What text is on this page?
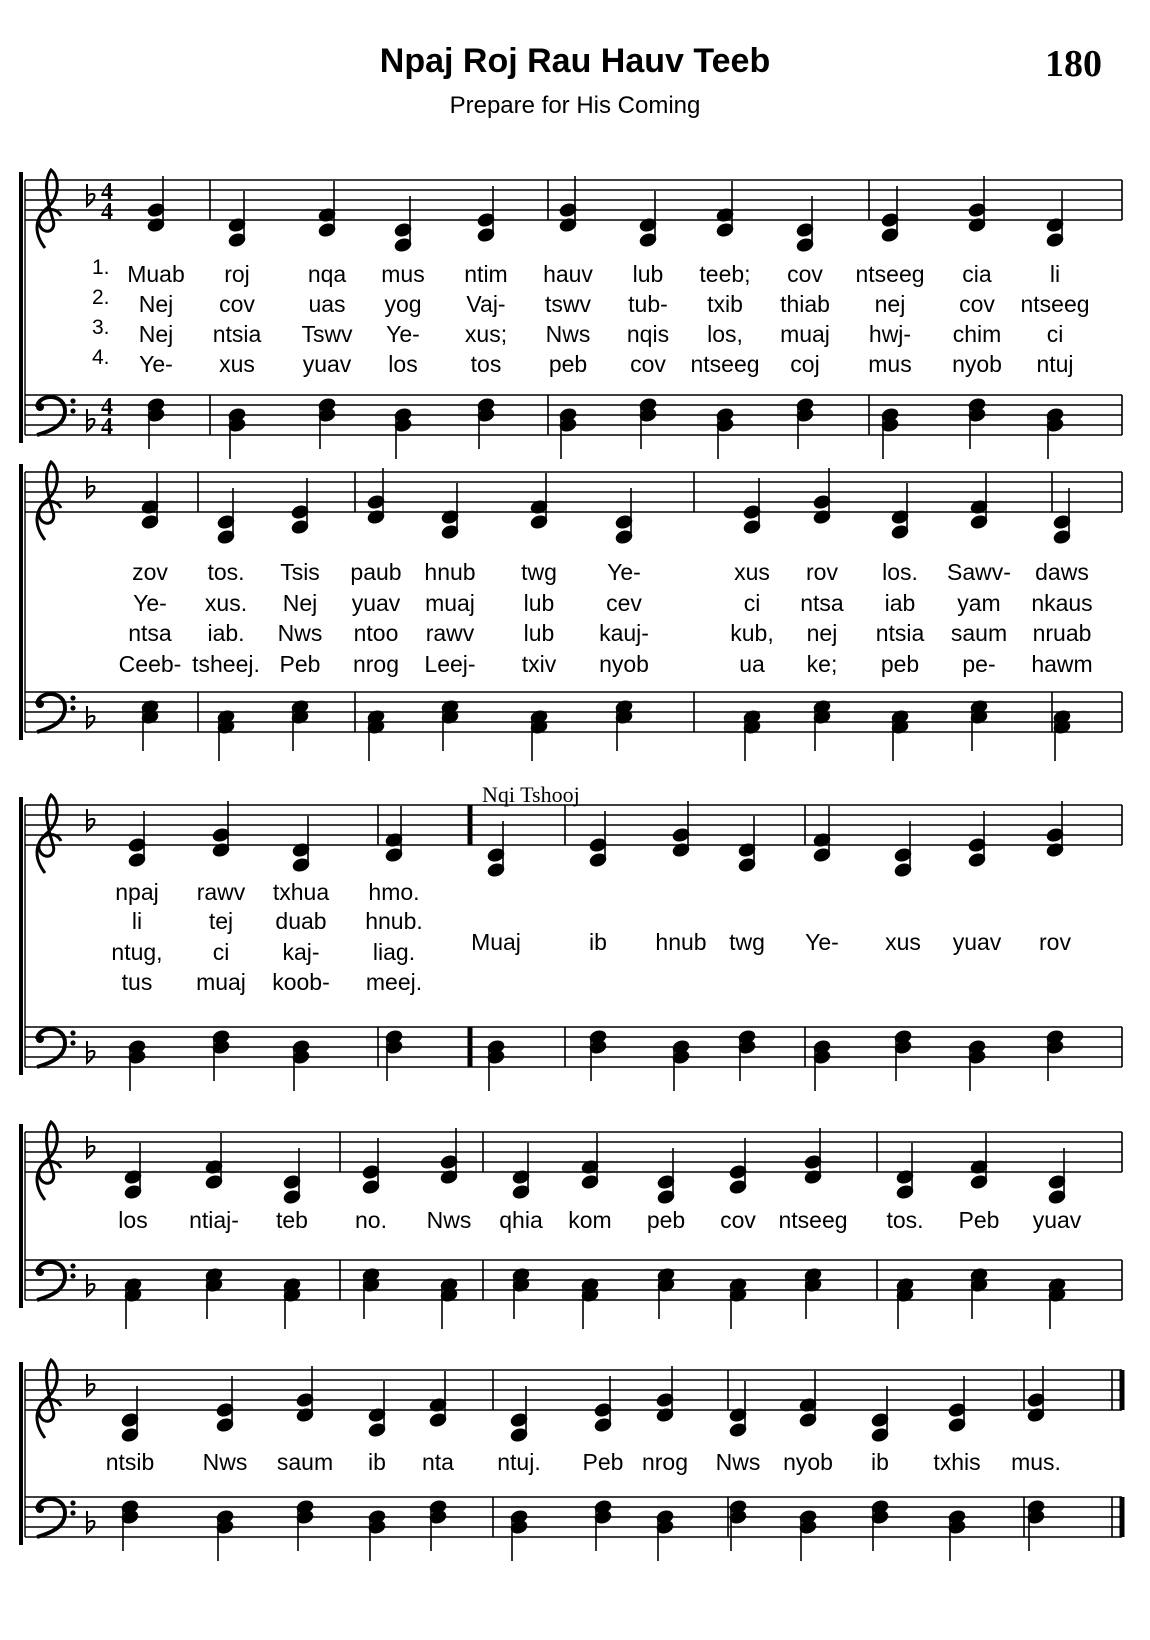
Npaj Roj Rau Hauv Teeb
Prepare for His Coming
180
4
4
4
4
1. Muab roj	nqa mus ntim hauv lub teeb; cov ntseeg cia	li
2. Nej cov uas yog Vaj- tswv tub- txib thiab nej cov ntseeg
3. Nej ntsia Tswv Ye- xus; Nws nqis los, muaj hwj- chim ci
4. Ye- xus yuav los tos peb cov ntseeg coj mus nyob ntuj
zov tos. Tsis paub hnub twg Ye-	xus rov los. Sawv- daws
Ye- xus. Nej yuav muaj lub cev	ci ntsa iab yam nkaus
ntsa iab. Nws ntoo rawv lub kauj-	kub, nej ntsia saum nruab
Ceeb- tsheej. Peb nrog Leej- txiv nyob	ua ke; peb pe- hawm
npaj rawv txhua hmo.
li	tej duab hnub.
ntug, ci kaj- liag.
tus muaj koob- meej.
Muaj	ib hnub twg Ye- xus yuav rov
Nqi Tshooj
los ntiaj- teb no. Nws qhia kom peb cov ntseeg tos. Peb yuav
ntsib Nws saum ib nta ntuj. Peb nrog Nws nyob ib txhis mus.
